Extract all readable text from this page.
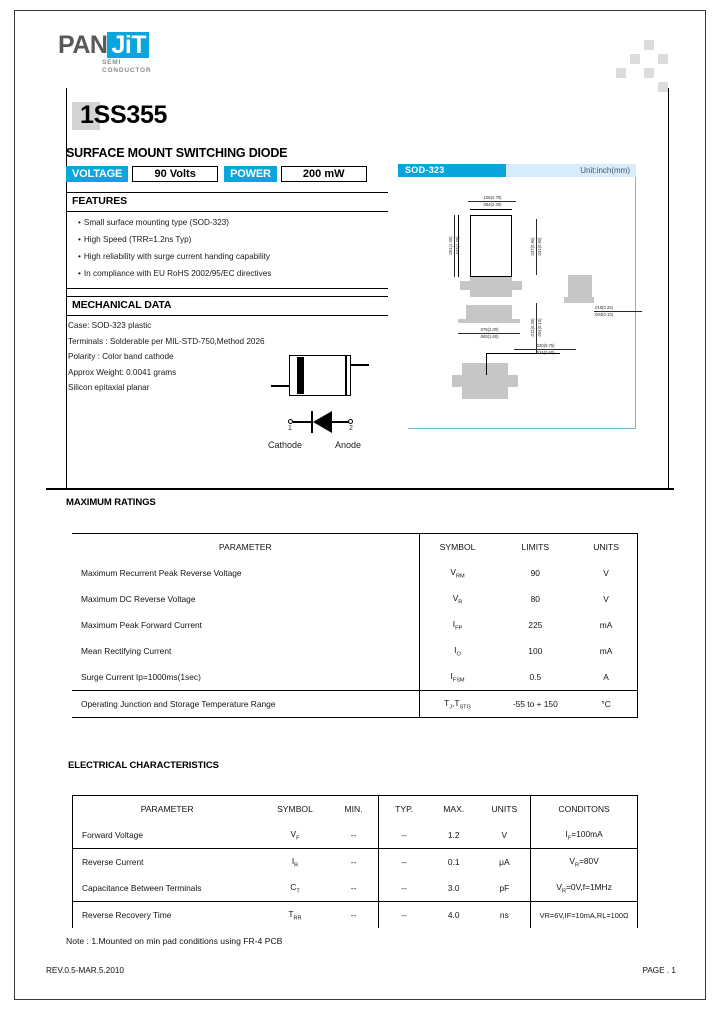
PAN JiT
SEMI
CONDUCTOR
1SS355
SURFACE MOUNT SWITCHING DIODE
VOLTAGE	90 Volts	POWER	200 mW
FEATURES
• Small surface mounting type (SOD-323)
• High Speed (TRR=1.2ns Typ)
• High reliability with surge current handing capability
• In compliance with EU RoHS 2002/95/EC directives
MECHANICAL DATA
Case: SOD-323 plastic
Terminals : Solderable per MIL-STD-750,Method 2026
Polarity : Color band cathode
Approx Weight: 0.0041 grams
Silicon epitaxial planar
1	2
Cathode	Anode
SOD-323	Unit:inch(mm)
.106(2.70)
.094(2.40)
.051(1.30) .047(1.20)	.037(0.95) .031(0.80)
.012(0.30) .004(0.10)
.010(0.25)
.004(0.10)
.079(2.00)
.063(1.60)
.030(0.75)
.024(0.60)
MAXIMUM RATINGS
PARAMETER	SYMBOL	LIMITS	UNITS
Maximum Recurrent Peak Reverse Voltage	$V_{RM}$	90	V
Maximum DC Reverse Voltage	$V_R$	80	V
Maximum Peak Forward Current	$I_{FP}$	225	mA
Mean Rectifying Current	$I_O$	100	mA
Surge Current Ip=1000ms(1sec)	$I_{FSM}$	0.5	A
Operating Junction and Storage Temperature Range	$T_J,T_{STG}$	-55 to + 150	°C
ELECTRICAL CHARACTERISTICS
PARAMETER	SYMBOL	MIN.	TYP.	MAX.	UNITS	CONDITONS
Forward Voltage	$V_F$	--	--	1.2	V	$I_F=100mA$
Reverse Current	$I_R$	--	--	0.1	μA	$V_R=80V$
Capacitance Between Terminals	$C_T$	--	--	3.0	pF	$V_R=0V,f=1MHz$
Reverse Recovery Time	$T_{RR}$	--	--	4.0	ns	VR=6V,IF=10mA,RL=100Ω
Note : 1.Mounted on min pad conditions using FR-4 PCB
REV.0.5-MAR.5.2010	PAGE . 1
